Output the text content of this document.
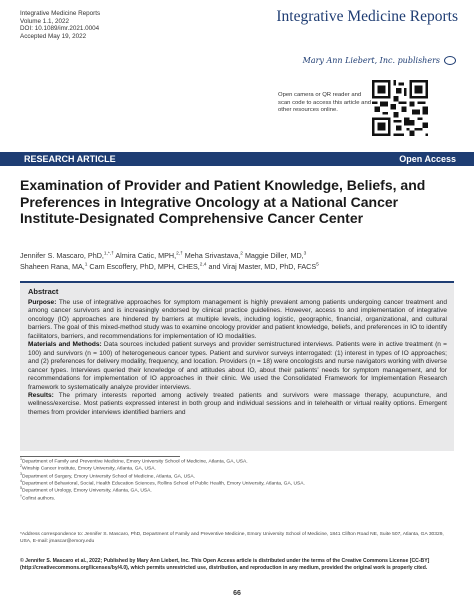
Integrative Medicine Reports
Volume 1.1, 2022
DOI: 10.1089/imr.2021.0004
Accepted May 19, 2022
Integrative Medicine Reports
Mary Ann Liebert, Inc. publishers
Open camera or QR reader and scan code to access this article and other resources online.
RESEARCH ARTICLE	Open Access
Examination of Provider and Patient Knowledge, Beliefs, and Preferences in Integrative Oncology at a National Cancer Institute-Designated Comprehensive Cancer Center
Jennifer S. Mascaro, PhD,$^{1,*,\dagger}$ Almira Catic, MPH,$^{2,\dagger}$ Meha Srivastava,$^2$ Maggie Diller, MD,$^3$
Shaheen Rana, MA,$^1$ Cam Escoffery, PhD, MPH, CHES,$^{2,4}$ and Viraj Master, MD, PhD, FACS$^5$
Abstract

Purpose: The use of integrative approaches for symptom management is highly prevalent among patients undergoing cancer treatment and among cancer survivors and is increasingly endorsed by clinical practice guidelines. However, access to and implementation of integrative oncology (IO) approaches are hindered by barriers at multiple levels, including logistic, geographic, financial, organizational, and cultural barriers. The goal of this mixed-method study was to examine oncology provider and patient knowledge, beliefs, and preferences in IO to identify facilitators, barriers, and recommendations for implementation of IO modalities.

Materials and Methods: Data sources included patient surveys and provider semistructured interviews. Patients were in active treatment (n = 100) and survivors (n = 100) of heterogeneous cancer types. Patient and survivor surveys interrogated: (1) interest in types of IO approaches; and (2) preferences for delivery modality, frequency, and location. Providers (n = 18) were oncologists and nurse navigators working with diverse cancer types. Interviews queried their knowledge of and attitudes about IO, about their patients' needs for symptom management, and for recommendations for implementation of IO approaches in their clinic. We used the Consolidated Framework for Implementation Research framework to systematically analyze provider interviews.

Results: The primary interests reported among actively treated patients and survivors were massage therapy, acupuncture, and wellness/exercise. Most patients expressed interest in both group and individual sessions and in telehealth or virtual reality options. Emergent themes from provider interviews identified barriers and

$^1$Department of Family and Preventive Medicine, Emory University School of Medicine, Atlanta, GA, USA.
$^2$Winship Cancer Institute, Emory University, Atlanta, GA, USA.
$^3$Department of Surgery, Emory University School of Medicine, Atlanta, GA, USA.
$^4$Department of Behavioral, Social, Health Education Sciences, Rollins School of Public Health, Emory University, Atlanta, GA, USA.
$^5$Department of Urology, Emory University, Atlanta, GA, USA.
†Cofirst authors.
*Address correspondence to: Jennifer S. Mascaro, PhD, Department of Family and Preventive Medicine, Emory University School of Medicine, 1841 Clifton Road NE, Suite 507, Atlanta, GA 30329, USA, E-mail: jmascar@emory.edu
© Jennifer S. Mascaro et al., 2022; Published by Mary Ann Liebert, Inc. This Open Access article is distributed under the terms of the Creative Commons License [CC-BY] (http://creativecommons.org/licenses/by/4.0), which permits unrestricted use, distribution, and reproduction in any medium, provided the original work is properly cited.
66
